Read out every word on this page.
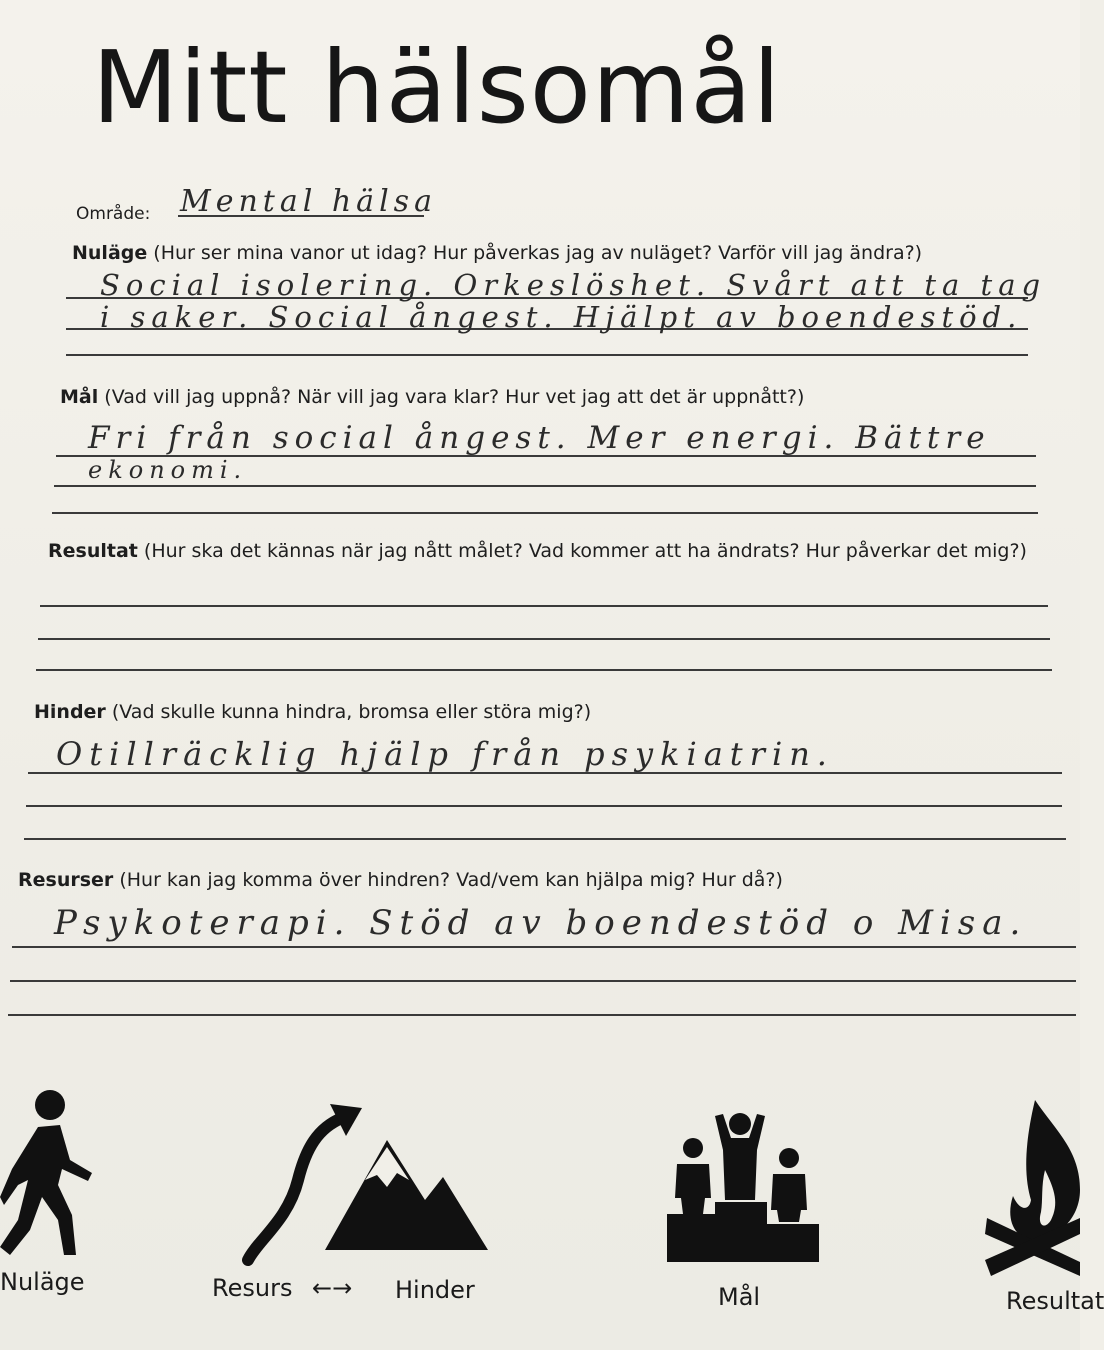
Mitt hälsomål
Område: Mental hälsa
Nuläge (Hur ser mina vanor ut idag? Hur påverkas jag av nuläget? Varför vill jag ändra?)
Social isolering. Orkeslöshet. Svårt att ta tag
i saker. Social ångest. Hjälpt av boendestöd.
Mål (Vad vill jag uppnå? När vill jag vara klar? Hur vet jag att det är uppnått?)
Fri från social ångest. Mer energi. Bättre
ekonomi.
Resultat (Hur ska det kännas när jag nått målet? Vad kommer att ha ändrats? Hur påverkar det mig?)
Hinder (Vad skulle kunna hindra, bromsa eller störa mig?)
Otillräcklig hjälp från psykiatrin.
Resurser (Hur kan jag komma över hindren? Vad/vem kan hjälpa mig? Hur då?)
Psykoterapi. Stöd av boendestöd o Misa.
Nuläge	Resurs ←→ Hinder	Mål	Resultat
